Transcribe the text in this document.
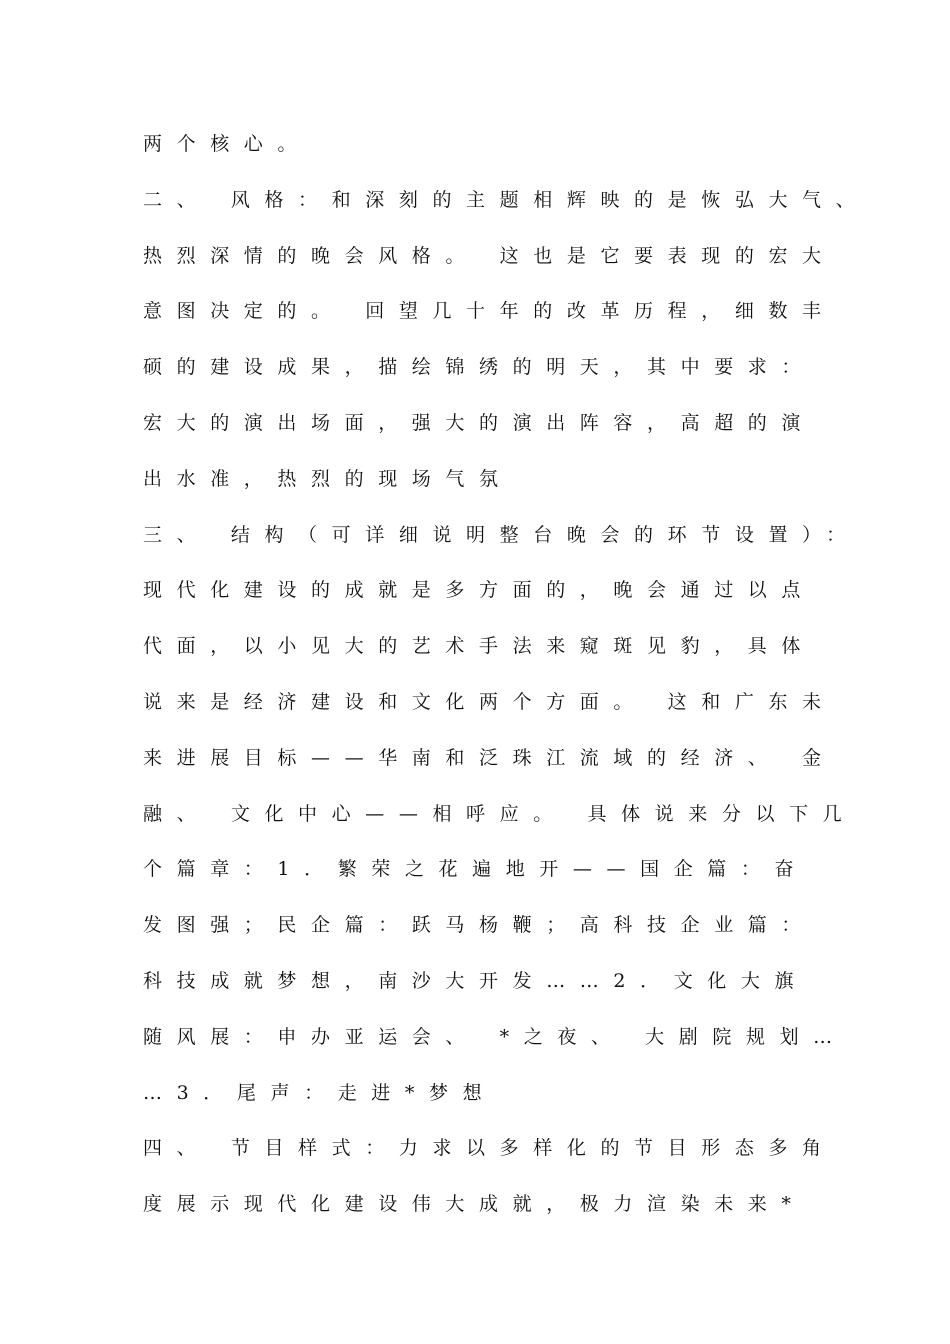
两个核心。
二、 风格：和深刻的主题相辉映的是恢弘大气、
热烈深情的晚会风格。 这也是它要表现的宏大
意图决定的。 回望几十年的改革历程，细数丰
硕的建设成果，描绘锦绣的明天，其中要求：
宏大的演出场面，强大的演出阵容，高超的演
出水准，热烈的现场气氛
三、 结构（可详细说明整台晚会的环节设置）：
现代化建设的成就是多方面的，晚会通过以点
代面，以小见大的艺术手法来窥斑见豹，具体
说来是经济建设和文化两个方面。 这和广东未
来进展目标——华南和泛珠江流域的经济、 金
融、 文化中心——相呼应。 具体说来分以下几
个篇章：1．繁荣之花遍地开——国企篇：奋
发图强；民企篇：跃马杨鞭；高科技企业篇：
科技成就梦想，南沙大开发……2．文化大旗
随风展：申办亚运会、 *之夜、 大剧院规划…
…3．尾声：走进*梦想
四、 节目样式：力求以多样化的节目形态多角
度展示现代化建设伟大成就，极力渲染未来*
